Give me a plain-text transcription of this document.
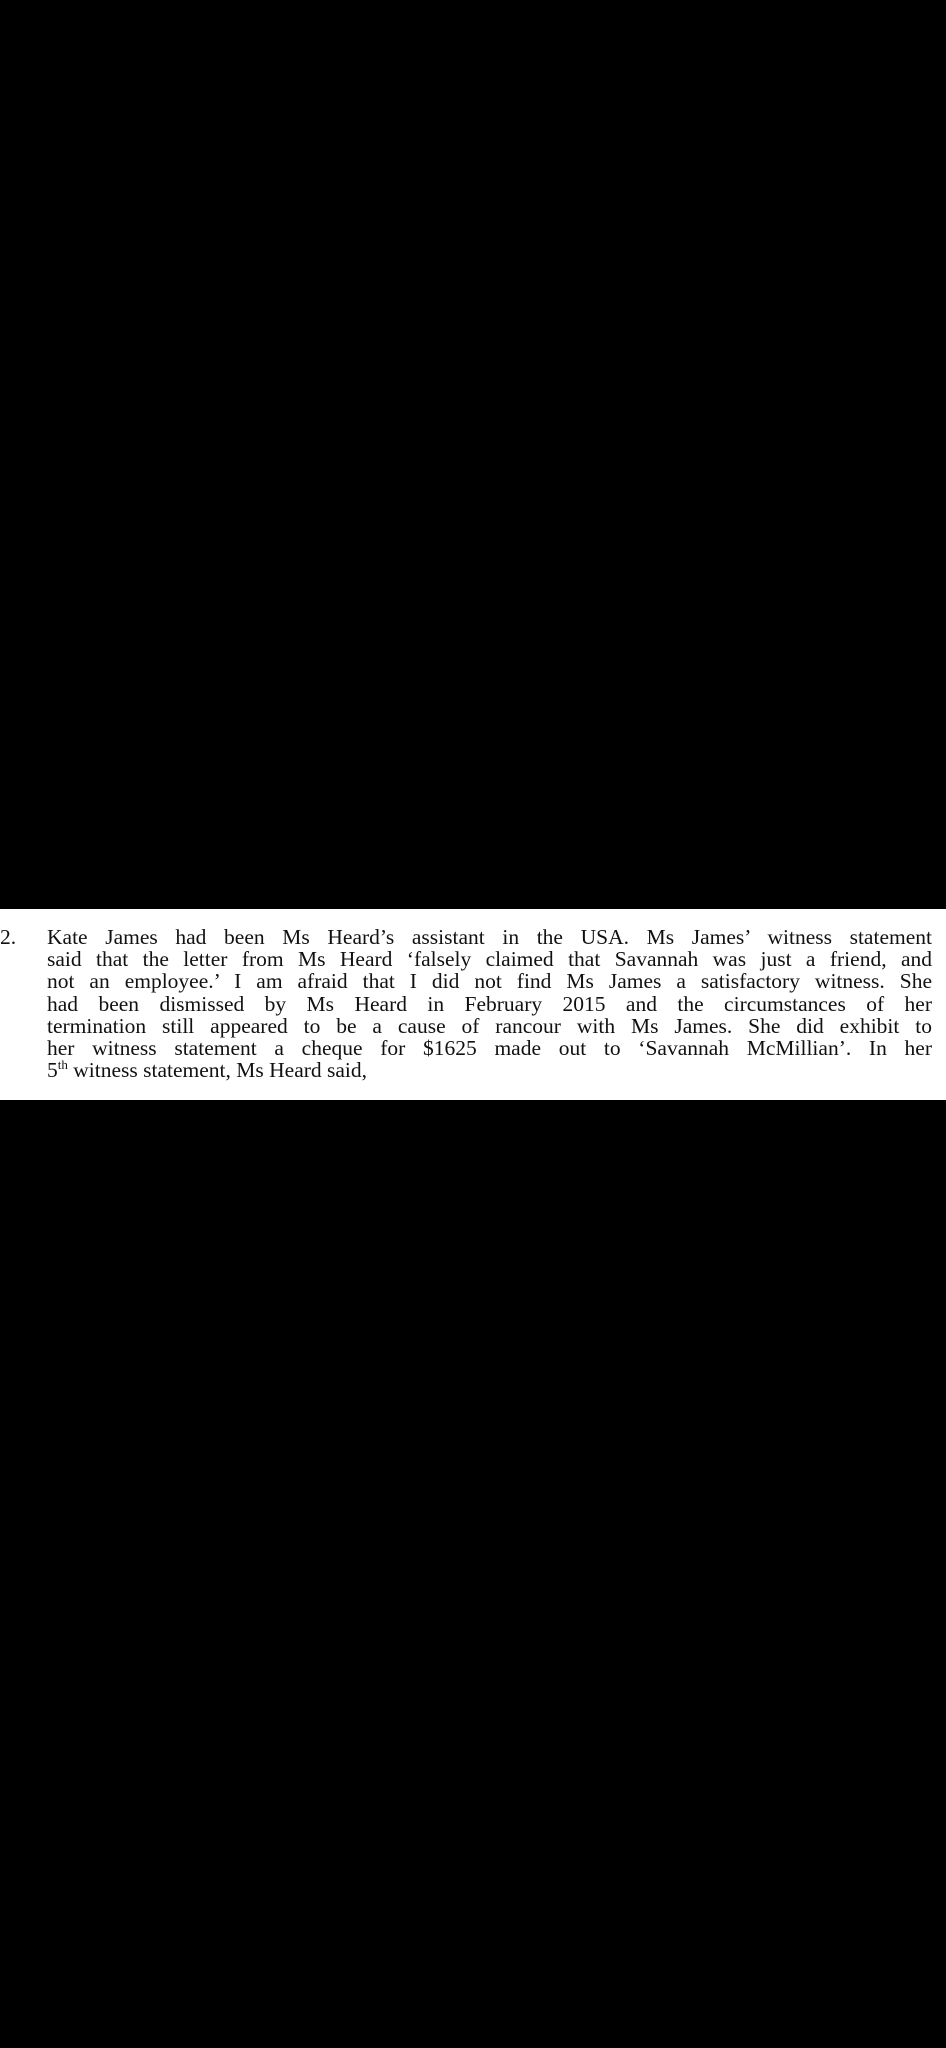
2. Kate James had been Ms Heard’s assistant in the USA. Ms James’ witness statement
said that the letter from Ms Heard ‘falsely claimed that Savannah was just a friend, and
not an employee.’ I am afraid that I did not find Ms James a satisfactory witness. She
had been dismissed by Ms Heard in February 2015 and the circumstances of her
termination still appeared to be a cause of rancour with Ms James. She did exhibit to
her witness statement a cheque for $1625 made out to ‘Savannah McMillian’. In her
5th witness statement, Ms Heard said,
